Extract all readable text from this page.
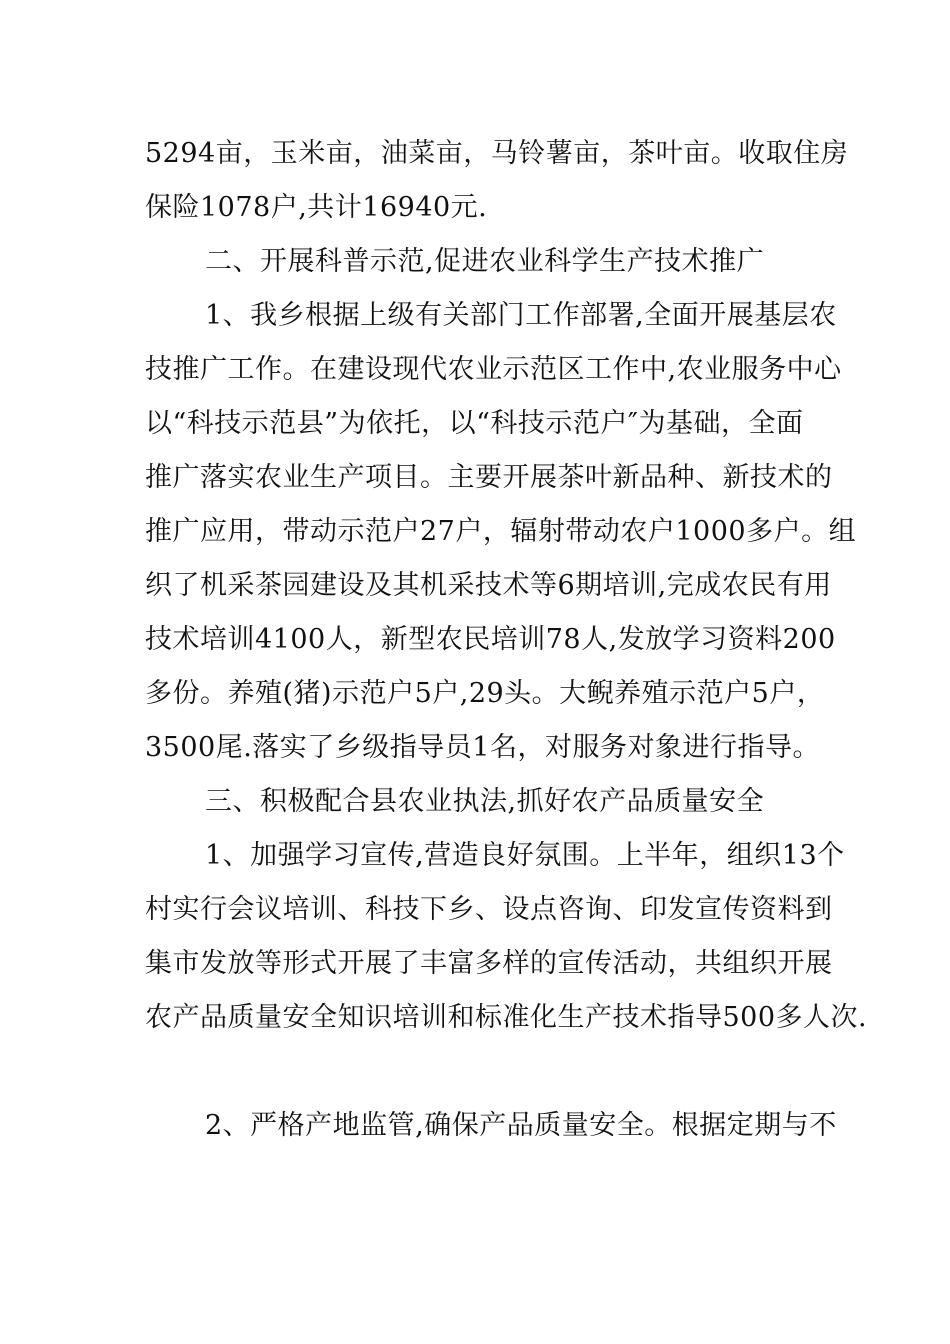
5294亩，玉米亩，油菜亩，马铃薯亩，茶叶亩。收取住房
保险1078户,共计16940元.
二、开展科普示范,促进农业科学生产技术推广
1、我乡根据上级有关部门工作部署,全面开展基层农
技推广工作。在建设现代农业示范区工作中,农业服务中心
以“科技示范县”为依托，以“科技示范户″为基础，全面
推广落实农业生产项目。主要开展茶叶新品种、新技术的
推广应用，带动示范户27户，辐射带动农户1000多户。组
织了机采茶园建设及其机采技术等6期培训,完成农民有用
技术培训4100人，新型农民培训78人,发放学习资料200
多份。养殖(猪)示范户5户,29头。大鲵养殖示范户5户，
3500尾.落实了乡级指导员1名，对服务对象进行指导。
三、积极配合县农业执法,抓好农产品质量安全
1、加强学习宣传,营造良好氛围。上半年，组织13个
村实行会议培训、科技下乡、设点咨询、印发宣传资料到
集市发放等形式开展了丰富多样的宣传活动，共组织开展
农产品质量安全知识培训和标准化生产技术指导500多人次.
2、严格产地监管,确保产品质量安全。根据定期与不
